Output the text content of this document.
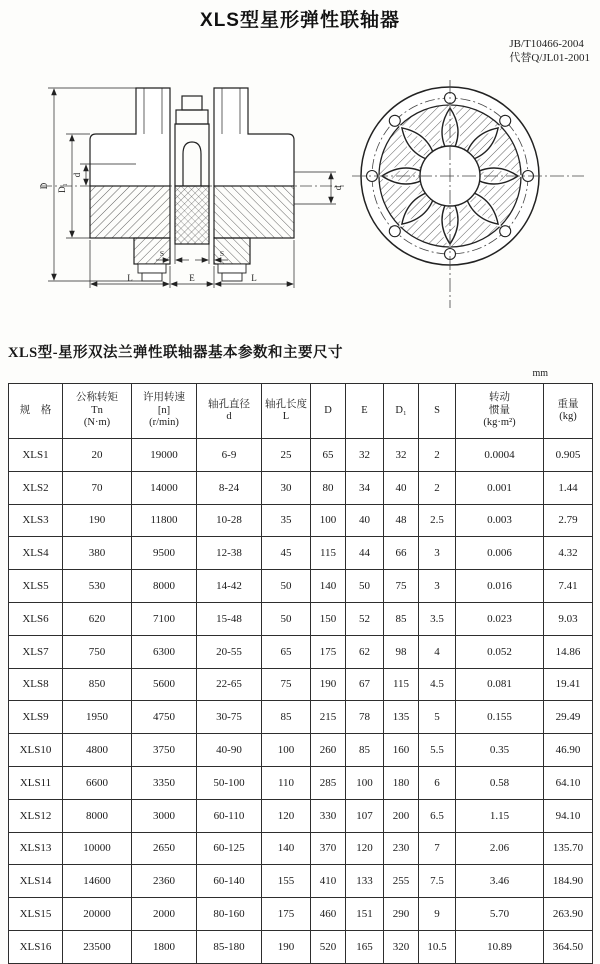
XLS型星形弹性联轴器
JB/T10466-2004
代替Q/JL01-2001
D D₁
d
d
S	S
L	E	L
XLS型-星形双法兰弹性联轴器基本参数和主要尺寸
mm
规　格	公称转矩
Tn
(N·m)	许用转速
[n]
(r/min)	轴孔直径
d	轴孔长度
L	D	E	D₁	S	转动
惯量
(kg·m²)	重量
(kg)
XLS1	20	19000	6-9	25	65	32	32	2	0.0004	0.905
XLS2	70	14000	8-24	30	80	34	40	2	0.001	1.44
XLS3	190	11800	10-28	35	100	40	48	2.5	0.003	2.79
XLS4	380	9500	12-38	45	115	44	66	3	0.006	4.32
XLS5	530	8000	14-42	50	140	50	75	3	0.016	7.41
XLS6	620	7100	15-48	50	150	52	85	3.5	0.023	9.03
XLS7	750	6300	20-55	65	175	62	98	4	0.052	14.86
XLS8	850	5600	22-65	75	190	67	115	4.5	0.081	19.41
XLS9	1950	4750	30-75	85	215	78	135	5	0.155	29.49
XLS10	4800	3750	40-90	100	260	85	160	5.5	0.35	46.90
XLS11	6600	3350	50-100	110	285	100	180	6	0.58	64.10
XLS12	8000	3000	60-110	120	330	107	200	6.5	1.15	94.10
XLS13	10000	2650	60-125	140	370	120	230	7	2.06	135.70
XLS14	14600	2360	60-140	155	410	133	255	7.5	3.46	184.90
XLS15	20000	2000	80-160	175	460	151	290	9	5.70	263.90
XLS16	23500	1800	85-180	190	520	165	320	10.5	10.89	364.50
